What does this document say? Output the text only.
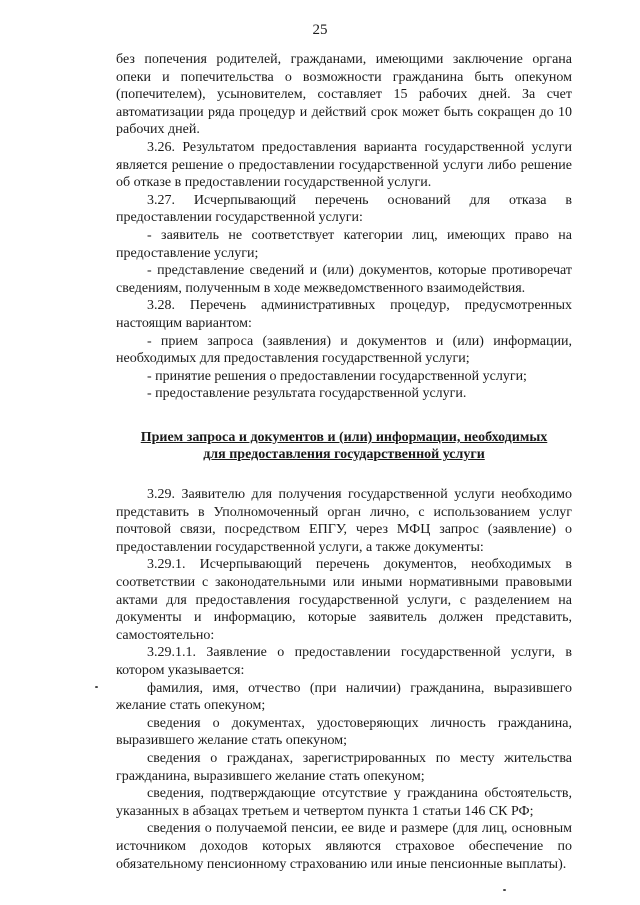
25

без попечения родителей, гражданами, имеющими заключение органа опеки и попечительства о возможности гражданина быть опекуном (попечителем), усыновителем, составляет 15 рабочих дней. За счет автоматизации ряда процедур и действий срок может быть сокращен до 10 рабочих дней.

3.26. Результатом предоставления варианта государственной услуги является решение о предоставлении государственной услуги либо решение об отказе в предоставлении государственной услуги.

3.27. Исчерпывающий перечень оснований для отказа в предоставлении государственной услуги:

- заявитель не соответствует категории лиц, имеющих право на предоставление услуги;

- представление сведений и (или) документов, которые противоречат сведениям, полученным в ходе межведомственного взаимодействия.

3.28. Перечень административных процедур, предусмотренных настоящим вариантом:

- прием запроса (заявления) и документов и (или) информации, необходимых для предоставления государственной услуги;

- принятие решения о предоставлении государственной услуги;

- предоставление результата государственной услуги.

Прием запроса и документов и (или) информации, необходимых
для предоставления государственной услуги

3.29. Заявителю для получения государственной услуги необходимо представить в Уполномоченный орган лично, с использованием услуг почтовой связи, посредством ЕПГУ, через МФЦ запрос (заявление) о предоставлении государственной услуги, а также документы:

3.29.1. Исчерпывающий перечень документов, необходимых в соответствии с законодательными или иными нормативными правовыми актами для предоставления государственной услуги, с разделением на документы и информацию, которые заявитель должен представить, самостоятельно:

3.29.1.1. Заявление о предоставлении государственной услуги, в котором указывается:

фамилия, имя, отчество (при наличии) гражданина, выразившего желание стать опекуном;

сведения о документах, удостоверяющих личность гражданина, выразившего желание стать опекуном;

сведения о гражданах, зарегистрированных по месту жительства гражданина, выразившего желание стать опекуном;

сведения, подтверждающие отсутствие у гражданина обстоятельств, указанных в абзацах третьем и четвертом пункта 1 статьи 146 СК РФ;

сведения о получаемой пенсии, ее виде и размере (для лиц, основным источником доходов которых являются страховое обеспечение по обязательному пенсионному страхованию или иные пенсионные выплаты).
